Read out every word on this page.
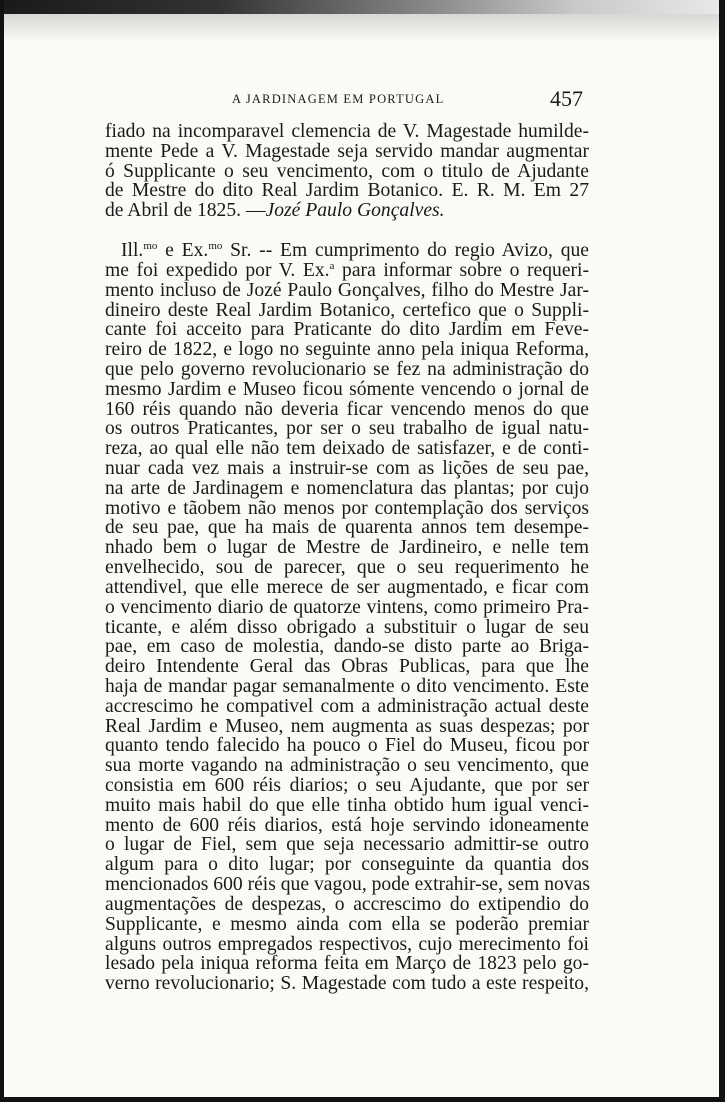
A JARDINAGEM EM PORTUGAL	457
fiado na incomparavel clemencia de V. Magestade humilde-
mente Pede a V. Magestade seja servido mandar augmentar
ó Supplicante o seu vencimento, com o titulo de Ajudante
de Mestre do dito Real Jardim Botanico. E. R. M. Em 27
de Abril de 1825. —Jozé Paulo Gonçalves.
Ill.$^{mo}$ e Ex.$^{mo}$ Sr. -- Em cumprimento do regio Avizo, que
me foi expedido por V. Ex.$^a$ para informar sobre o requeri-
mento incluso de Jozé Paulo Gonçalves, filho do Mestre Jar-
dineiro deste Real Jardim Botanico, certefico que o Suppli-
cante foi acceito para Praticante do dito Jardim em Feve-
reiro de 1822, e logo no seguinte anno pela iniqua Reforma,
que pelo governo revolucionario se fez na administração do
mesmo Jardim e Museo ficou sómente vencendo o jornal de
160 réis quando não deveria ficar vencendo menos do que
os outros Praticantes, por ser o seu trabalho de igual natu-
reza, ao qual elle não tem deixado de satisfazer, e de conti-
nuar cada vez mais a instruir-se com as lições de seu pae,
na arte de Jardinagem e nomenclatura das plantas; por cujo
motivo e tãobem não menos por contemplação dos serviços
de seu pae, que ha mais de quarenta annos tem desempe-
nhado bem o lugar de Mestre de Jardineiro, e nelle tem
envelhecido, sou de parecer, que o seu requerimento he
attendivel, que elle merece de ser augmentado, e ficar com
o vencimento diario de quatorze vintens, como primeiro Pra-
ticante, e além disso obrigado a substituir o lugar de seu
pae, em caso de molestia, dando-se disto parte ao Briga-
deiro Intendente Geral das Obras Publicas, para que lhe
haja de mandar pagar semanalmente o dito vencimento. Este
accrescimo he compativel com a administração actual deste
Real Jardim e Museo, nem augmenta as suas despezas; por
quanto tendo falecido ha pouco o Fiel do Museu, ficou por
sua morte vagando na administração o seu vencimento, que
consistia em 600 réis diarios; o seu Ajudante, que por ser
muito mais habil do que elle tinha obtido hum igual venci-
mento de 600 réis diarios, está hoje servindo idoneamente
o lugar de Fiel, sem que seja necessario admittir-se outro
algum para o dito lugar; por conseguinte da quantia dos
mencionados 600 réis que vagou, pode extrahir-se, sem novas
augmentações de despezas, o accrescimo do extipendio do
Supplicante, e mesmo ainda com ella se poderão premiar
alguns outros empregados respectivos, cujo merecimento foi
lesado pela iniqua reforma feita em Março de 1823 pelo go-
verno revolucionario; S. Magestade com tudo a este respeito,
